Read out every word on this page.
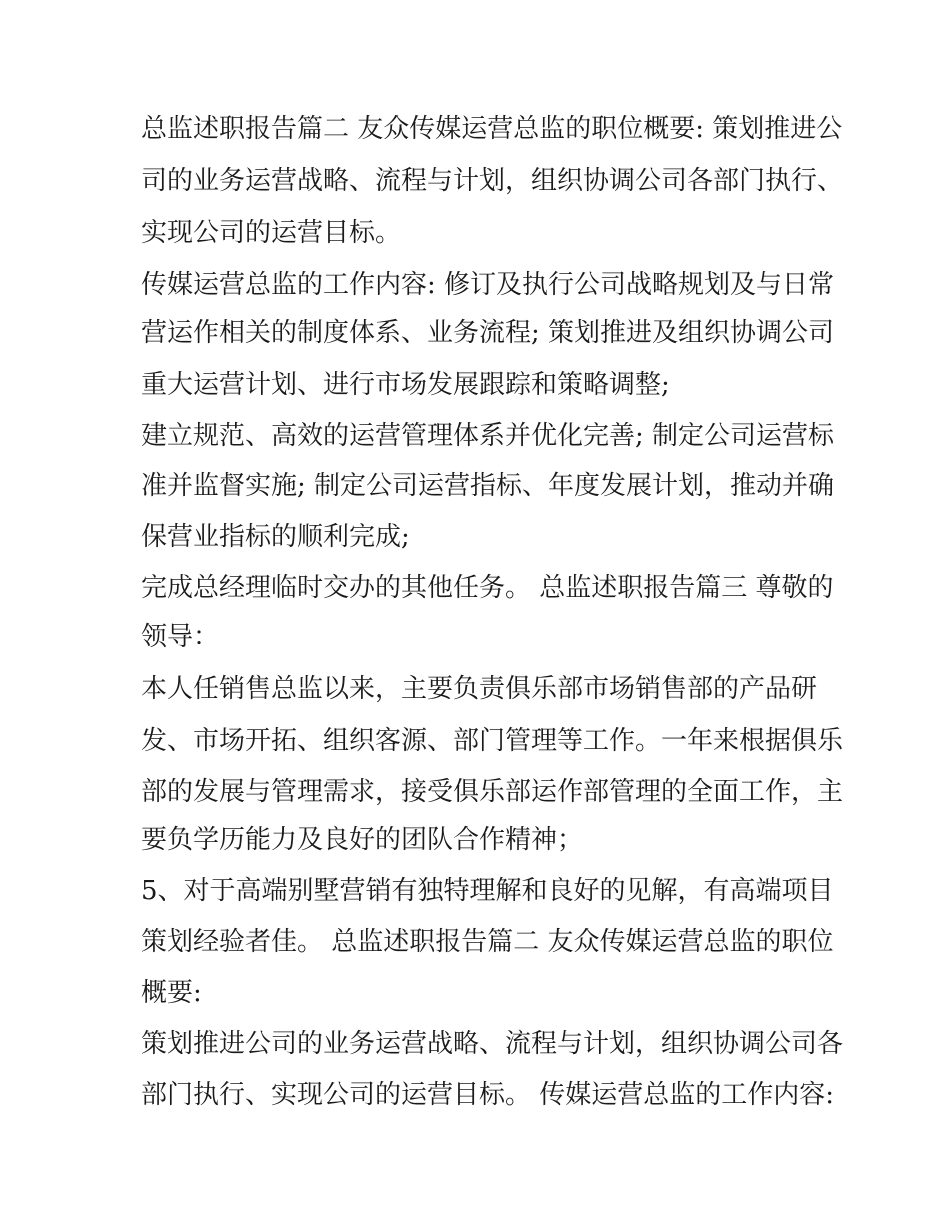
总监述职报告篇二 友众传媒运营总监的职位概要: 策划推进公
司的业务运营战略、流程与计划，组织协调公司各部门执行、
实现公司的运营目标。
传媒运营总监的工作内容: 修订及执行公司战略规划及与日常
营运作相关的制度体系、业务流程; 策划推进及组织协调公司
重大运营计划、进行市场发展跟踪和策略调整;
建立规范、高效的运营管理体系并优化完善; 制定公司运营标
准并监督实施; 制定公司运营指标、年度发展计划，推动并确
保营业指标的顺利完成;
完成总经理临时交办的其他任务。 总监述职报告篇三 尊敬的
领导：
本人任销售总监以来，主要负责俱乐部市场销售部的产品研
发、市场开拓、组织客源、部门管理等工作。一年来根据俱乐
部的发展与管理需求，接受俱乐部运作部管理的全面工作，主
要负学历能力及良好的团队合作精神；
5、对于高端别墅营销有独特理解和良好的见解，有高端项目
策划经验者佳。 总监述职报告篇二 友众传媒运营总监的职位
概要:
策划推进公司的业务运营战略、流程与计划，组织协调公司各
部门执行、实现公司的运营目标。 传媒运营总监的工作内容:
